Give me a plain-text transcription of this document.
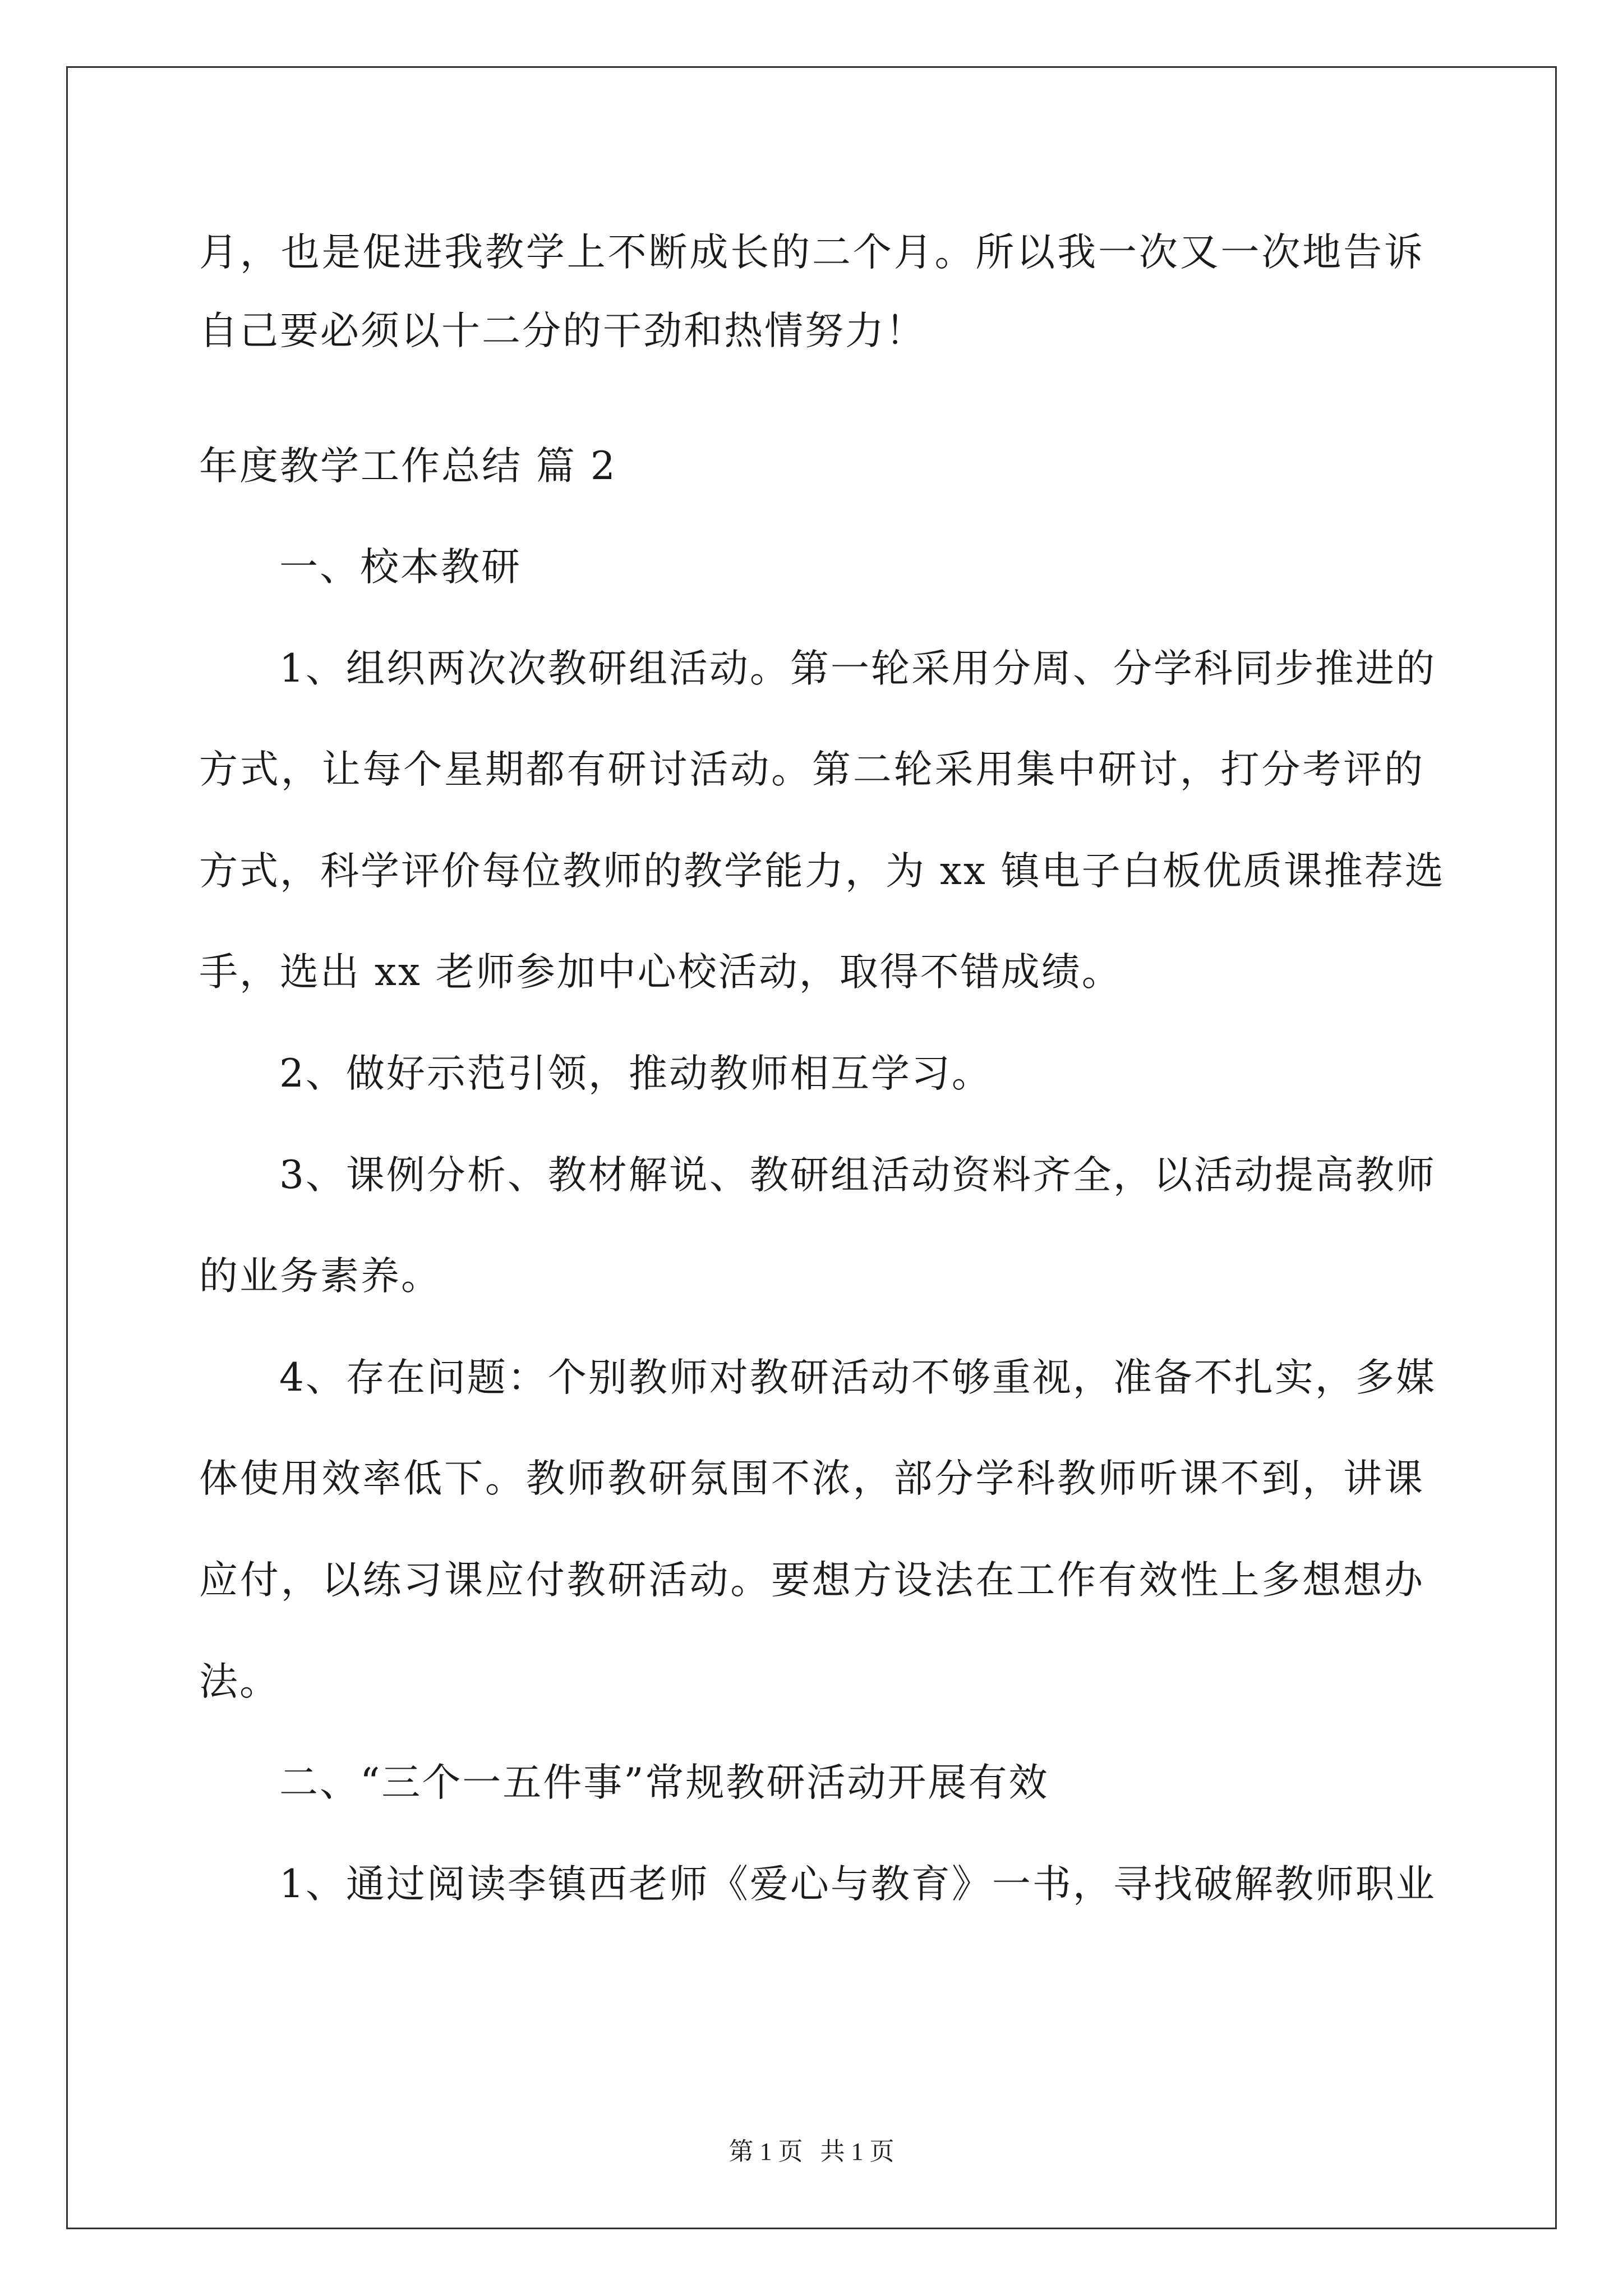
月，也是促进我教学上不断成长的二个月。所以我一次又一次地告诉
自己要必须以十二分的干劲和热情努力！
年度教学工作总结 篇 2
一、校本教研
1、组织两次次教研组活动。第一轮采用分周、分学科同步推进的
方式，让每个星期都有研讨活动。第二轮采用集中研讨，打分考评的
方式，科学评价每位教师的教学能力，为 xx 镇电子白板优质课推荐选
手，选出 xx 老师参加中心校活动，取得不错成绩。
2、做好示范引领，推动教师相互学习。
3、课例分析、教材解说、教研组活动资料齐全，以活动提高教师
的业务素养。
4、存在问题：个别教师对教研活动不够重视，准备不扎实，多媒
体使用效率低下。教师教研氛围不浓，部分学科教师听课不到，讲课
应付，以练习课应付教研活动。要想方设法在工作有效性上多想想办
法。
二、“三个一五件事”常规教研活动开展有效
1、通过阅读李镇西老师《爱心与教育》一书，寻找破解教师职业
第 1 页 共 1 页
